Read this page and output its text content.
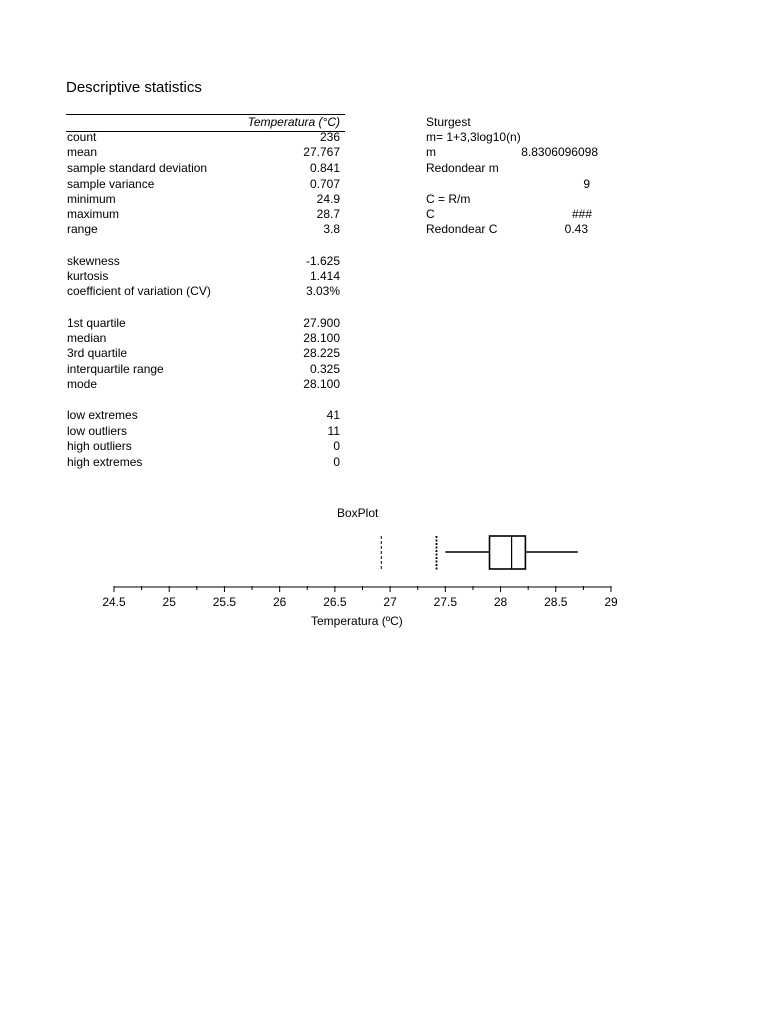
Descriptive statistics
Temperatura (°C)
count	236
mean	27.767
sample standard deviation	0.841
sample variance	0.707
minimum	24.9
maximum	28.7
range	3.8
skewness	-1.625
kurtosis	1.414
coefficient of variation (CV)	3.03%
1st quartile	27.900
median	28.100
3rd quartile	28.225
interquartile range	0.325
mode	28.100
low extremes	41
low outliers	11
high outliers	0
high extremes	0
Sturgest
m= 1+3,3log10(n)
m	8.8306096098
Redondear m
9
C = R/m
C	###
Redondear C	0.43
BoxPlot
24.5	25	25.5	26	26.5	27	27.5	28	28.5	29
Temperatura (ºC)
